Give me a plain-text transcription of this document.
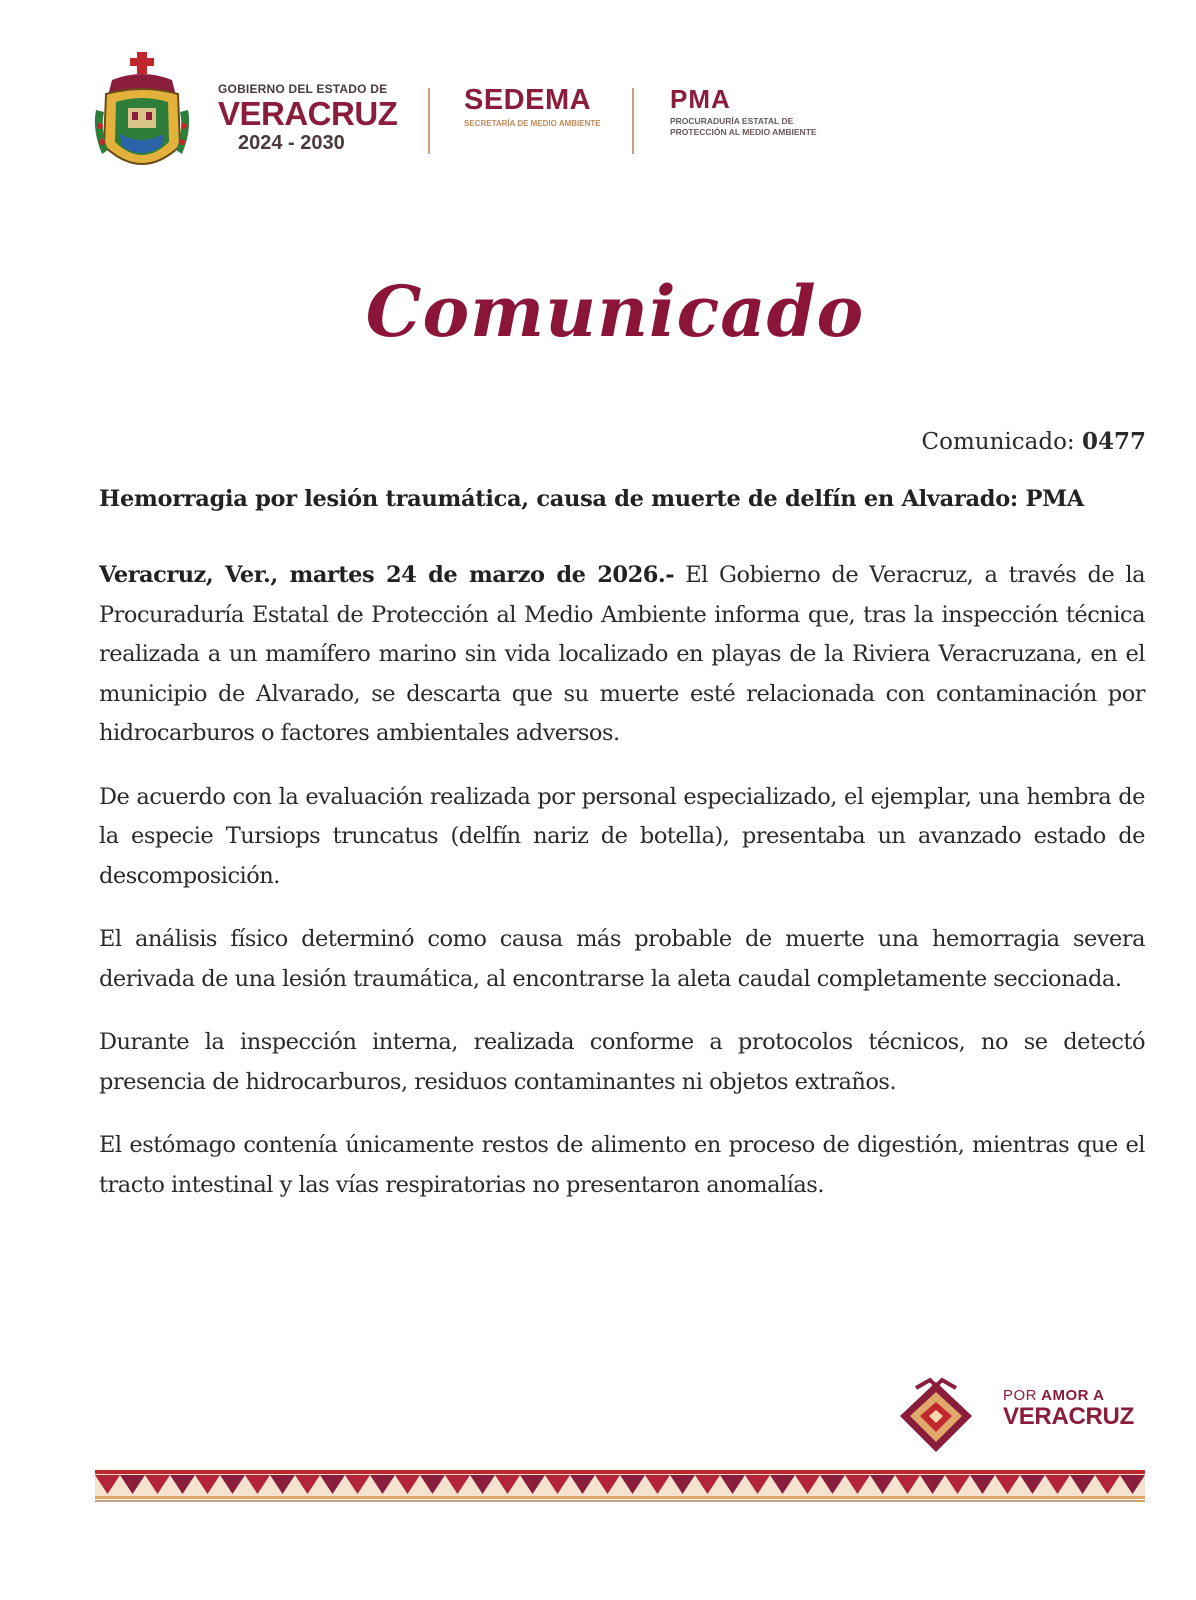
GOBIERNO DEL ESTADO DE
VERACRUZ
2024 - 2030
SEDEMA
SECRETARÍA DE MEDIO AMBIENTE
PMA
PROCURADURÍA ESTATAL DE PROTECCIÓN AL MEDIO AMBIENTE
Comunicado
Comunicado: 0477

Hemorragia por lesión traumática, causa de muerte de delfín en Alvarado: PMA

Veracruz, Ver., martes 24 de marzo de 2026.- El Gobierno de Veracruz, a través de la Procuraduría Estatal de Protección al Medio Ambiente informa que, tras la inspección técnica realizada a un mamífero marino sin vida localizado en playas de la Riviera Veracruzana, en el municipio de Alvarado, se descarta que su muerte esté relacionada con contaminación por hidrocarburos o factores ambientales adversos.

De acuerdo con la evaluación realizada por personal especializado, el ejemplar, una hembra de la especie Tursiops truncatus (delfín nariz de botella), presentaba un avanzado estado de descomposición.

El análisis físico determinó como causa más probable de muerte una hemorragia severa derivada de una lesión traumática, al encontrarse la aleta caudal completamente seccionada.

Durante la inspección interna, realizada conforme a protocolos técnicos, no se detectó presencia de hidrocarburos, residuos contaminantes ni objetos extraños.

El estómago contenía únicamente restos de alimento en proceso de digestión, mientras que el tracto intestinal y las vías respiratorias no presentaron anomalías.

POR AMOR A
VERACRUZ
